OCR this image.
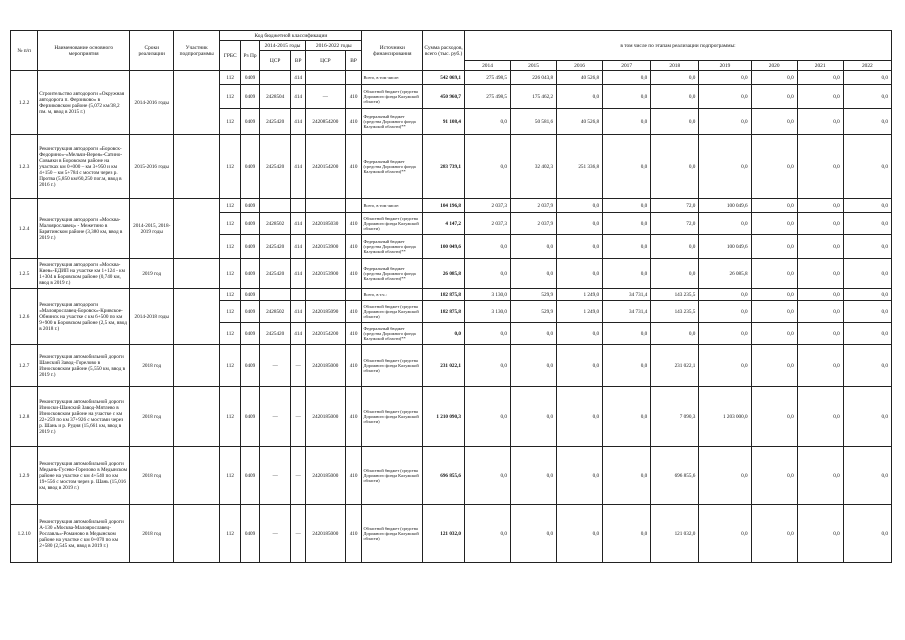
№ п/п	Наименование основного мероприятия	Сроки реализации	Участник подпрограммы	Код бюджетной классификации						Источники финансирования	Сумма расходов, всего (тыс. руб.)	в том числе по этапам реализации подпрограммы:								
				ГРБС	Рз Пр	2014-2015 годы		2016-2022 годы												
						ЦСР	ВР	ЦСР	ВР											
												2014	2015	2016	2017	2018	2019	2020	2021	2022
1.2.2	Строительство автодороги «Окружная автодорога п. Ферзиково» в Ферзиковском районе (5,072 км/38,2 пм. м, ввод в 2015 г.)	2014-2016 годы		112	0409		414			Всего, в том числе:	542 069,1	275 498,5	226 043,8	40 526,8	0,0	0,0	0,0	0,0	0,0	0,0
				112	0409	2428504	414	—	410	Областной бюджет (средства Дорожного фонда Калужской области)	450 960,7	275 498,5	175 462,2	0,0	0,0	0,0	0,0	0,0	0,0	0,0
				112	0409	2425420	414	2420854200	410	Федеральный бюджет (средства Дорожного фонда Калужской области)**	91 108,4	0,0	50 581,6	40 526,8	0,0	0,0	0,0	0,0	0,0	0,0
1.2.3	Реконструкция автодороги «Боровск-Федорино»-«Мельчи-Верея»-Сатино-Совьяки в Боровском районе на участках км 0+000 – км 3+950 и км 4+150 – км 5+784 с мостом через р. Протва (5,850 км/60,250 пог.м, ввод в 2016 г.)	2015-2016 годы		112	0409	2425420	414	2420154200	410	Федеральный бюджет (средства Дорожного фонда Калужской области)**	283 739,1	0,0	32 402,3	251 336,8	0,0	0,0	0,0	0,0	0,0	0,0
1.2.4	Реконструкция автодороги «Москва-Малоярославец» - Межетино в Барятинском районе (3,380 км, ввод в 2019 г.)	2014-2015, 2018-2019 годы		112	0409					Всего, в том числе:	104 196,8	2 037,3	2 037,9	0,0	0,0	72,0	100 049,6	0,0	0,0	0,0
				112	0409	2428502	414	2420185030	410	Областной бюджет (средства Дорожного фонда Калужской области)	4 147,2	2 037,3	2 037,9	0,0	0,0	72,0	0,0	0,0	0,0	0,0
				112	0409	2425420	414	2420153900	410	Федеральный бюджет (средства Дорожного фонда Калужской области)**	100 049,6	0,0	0,0	0,0	0,0	0,0	100 049,6	0,0	0,0	0,0
1.2.5	Реконструкция автодороги «Москва-Киев»-ЕДИП на участке км 1+124 - км 1+304 в Боровском районе (0,740 км, ввод в 2019 г.)	2019 год		112	0409	2425420	414	2420153900	410	Федеральный бюджет (средства Дорожного фонда Калужской области)**	26 085,8	0,0	0,0	0,0	0,0	0,0	26 085,8	0,0	0,0	0,0
1.2.6	Реконструкция автодороги «Малоярославец-Боровск»-Кривское-Обнинск на участке с км 6+500 по км 9+900 в Боровском районе (2,5 км, ввод в 2018 г.)	2014-2018 годы		112	0409					Всего, в т.ч.:	182 875,8	3 130,0	529,9	1 249,0	34 731,4	143 235,5	0,0	0,0	0,0	0,0
				112	0409	2428502	414	2420185090	410	Областной бюджет (средства Дорожного фонда Калужской области)	182 875,8	3 130,0	529,9	1 249,0	34 731,4	143 235,5	0,0	0,0	0,0	0,0
				112	0409	2425420	414	2420154200	410	Федеральный бюджет (средства Дорожного фонда Калужской области)**	0,0	0,0	0,0	0,0	0,0	0,0	0,0	0,0	0,0	0,0
1.2.7	Реконструкция автомобильной дороги Шанский Завод–Горелово в Износковском районе (5,550 км, ввод в 2019 г.)	2018 год		112	0409	—	—	2420185000	410	Областной бюджет (средства Дорожного фонда Калужской области)	231 022,1	0,0	0,0	0,0	0,0	231 022,1	0,0	0,0	0,0	0,0
1.2.8	Реконструкция автомобильной дороги Износки-Шанский Завод-Мятлево в Износковском районе на участке с км 22+259 по км 37+926 с мостами через р. Шань и р. Рудня (15,661 км, ввод в 2019 г.)	2018 год		112	0409	—	—	2420185000	410	Областной бюджет (средства Дорожного фонда Калужской области)	1 210 090,3	0,0	0,0	0,0	0,0	7 090,3	1 203 000,0	0,0	0,0	0,0
1.2.9	Реконструкция автомобильной дороги Медынь-Гусево-Горелово в Медынском районе на участке с км 4+540 по км 19+556 с мостом через р. Шань (15,016 км, ввод в 2019 г.)	2018 год		112	0409	—	—	2420185000	410	Областной бюджет (средства Дорожного фонда Калужской области)	696 855,6	0,0	0,0	0,0	0,0	696 855,6	0,0	0,0	0,0	0,0
1.2.10	Реконструкция автомобильной дороги А-130 «Москва-Малоярославец-Рославль»-Романово в Медынском районе на участке с км 0+070 по км 2+580 (2,545 км, ввод в 2019 г.)	2018 год		112	0409	—	—	2420185000	410	Областной бюджет (средства Дорожного фонда Калужской области)	121 032,0	0,0	0,0	0,0	0,0	121 032,0	0,0	0,0	0,0	0,0
